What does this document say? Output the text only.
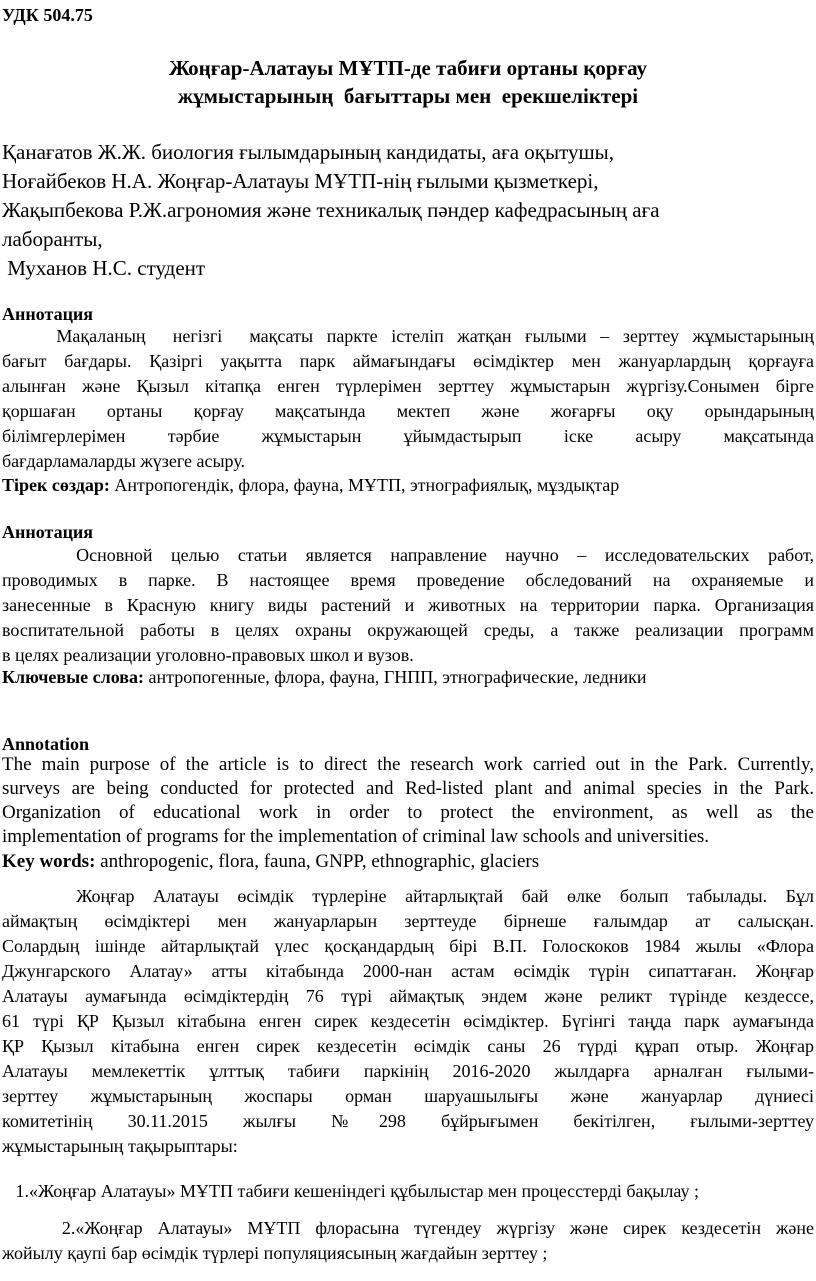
УДК 504.75
Жоңғар-Алатауы МҰТП-де табиғи ортаны қорғау
жұмыстарының  бағыттары мен  ерекшеліктері
Қанағатов Ж.Ж. биология ғылымдарының кандидаты, аға оқытушы,
Ноғайбеков Н.А. Жоңғар-Алатауы МҰТП-нің ғылыми қызметкері,
Жақыпбекова Р.Ж.агрономия және техникалық пәндер кафедрасының аға
лаборанты,
Муханов Н.С. студент
Аннотация
Мақаланың  негізгі  мақсаты паркте істеліп жатқан ғылыми – зерттеу жұмыстарының
бағыт бағдары. Қазіргі уақытта парк аймағындағы өсімдіктер мен жануарлардың қорғауға
алынған және Қызыл кітапқа енген түрлерімен зерттеу жұмыстарын жүргізу.Сонымен бірге
қоршаған ортаны қорғау мақсатында мектеп және жоғарғы оқу орындарының
білімгерлерімен тәрбие жұмыстарын ұйымдастырып іске асыру мақсатында
бағдарламаларды жүзеге асыру.
Тірек сөздар: Антропогендік, флора, фауна, МҰТП, этнографиялық, мұздықтар
Аннотация
Основной целью статьи является направление научно – исследовательских работ,
проводимых в парке. В настоящее время проведение обследований на охраняемые и
занесенные в Красную книгу виды растений и животных на территории парка. Организация
воспитательной работы в целях охраны окружающей среды, а также реализации программ
в целях реализации уголовно-правовых школ и вузов.
Ключевые слова: антропогенные, флора, фауна, ГНПП, этнографические, ледники
Annotation
The main purpose of the article is to direct the research work carried out in the Park. Currently,
surveys are being conducted for protected and Red-listed plant and animal species in the Park.
Organization of educational work in order to protect the environment, as well as the
implementation of programs for the implementation of criminal law schools and universities.
Key words: anthropogenic, flora, fauna, GNPP, ethnographic, glaciers
Жоңғар Алатауы өсімдік түрлеріне айтарлықтай бай өлке болып табылады. Бұл
аймақтың өсімдіктері мен жануарларын зерттеуде бірнеше ғалымдар ат салысқан.
Солардың ішінде айтарлықтай үлес қосқандардың бірі В.П. Голоскоков 1984 жылы «Флора
Джунгарского Алатау» атты кітабында 2000-нан астам өсімдік түрін сипаттаған. Жоңғар
Алатауы аумағында өсімдіктердің 76 түрі аймақтық эндем және реликт түрінде кездессе,
61 түрі ҚР Қызыл кітабына енген сирек кездесетін өсімдіктер. Бүгінгі таңда парк аумағында
ҚР Қызыл кітабына енген сирек кездесетін өсімдік саны 26 түрді құрап отыр. Жоңғар
Алатауы мемлекеттік ұлттық табиғи паркінің 2016-2020 жылдарға арналған ғылыми-
зерттеу жұмыстарының жоспары орман шаруашылығы және жануарлар дүниесі
комитетінің 30.11.2015 жылғы №298 бұйрығымен бекітілген, ғылыми-зерттеу
жұмыстарының тақырыптары:
1.«Жоңғар Алатауы» МҰТП табиғи кешеніндегі құбылыстар мен процесстерді бақылау ;
2.«Жоңғар Алатауы» МҰТП флорасына түгендеу жүргізу және сирек кездесетін және
жойылу қаупі бар өсімдік түрлері популяциясының жағдайын зерттеу ;
